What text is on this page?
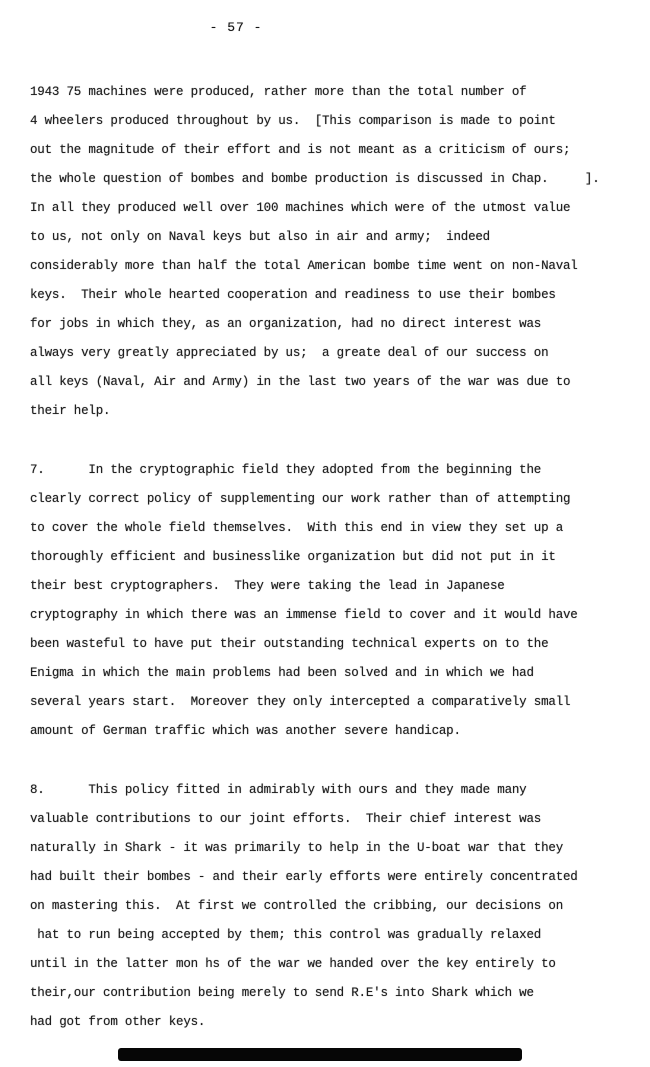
- 57 -
1943 75 machines were produced, rather more than the total number of
4 wheelers produced throughout by us.  [This comparison is made to point
out the magnitude of their effort and is not meant as a criticism of ours;
the whole question of bombes and bombe production is discussed in Chap.     ].
In all they produced well over 100 machines which were of the utmost value
to us, not only on Naval keys but also in air and army;  indeed
considerably more than half the total American bombe time went on non-Naval
keys.  Their whole hearted cooperation and readiness to use their bombes
for jobs in which they, as an organization, had no direct interest was
always very greatly appreciated by us;  a greate deal of our success on
all keys (Naval, Air and Army) in the last two years of the war was due to
their help.
7.      In the cryptographic field they adopted from the beginning the
clearly correct policy of supplementing our work rather than of attempting
to cover the whole field themselves.  With this end in view they set up a
thoroughly efficient and businesslike organization but did not put in it
their best cryptographers.  They were taking the lead in Japanese
cryptography in which there was an immense field to cover and it would have
been wasteful to have put their outstanding technical experts on to the
Enigma in which the main problems had been solved and in which we had
several years start.  Moreover they only intercepted a comparatively small
amount of German traffic which was another severe handicap.
8.      This policy fitted in admirably with ours and they made many
valuable contributions to our joint efforts.  Their chief interest was
naturally in Shark - it was primarily to help in the U-boat war that they
had built their bombes - and their early efforts were entirely concentrated
on mastering this.  At first we controlled the cribbing, our decisions on
hat to run being accepted by them; this control was gradually relaxed
until in the latter mon hs of the war we handed over the key entirely to
their,our contribution being merely to send R.E's into Shark which we
had got from other keys.
